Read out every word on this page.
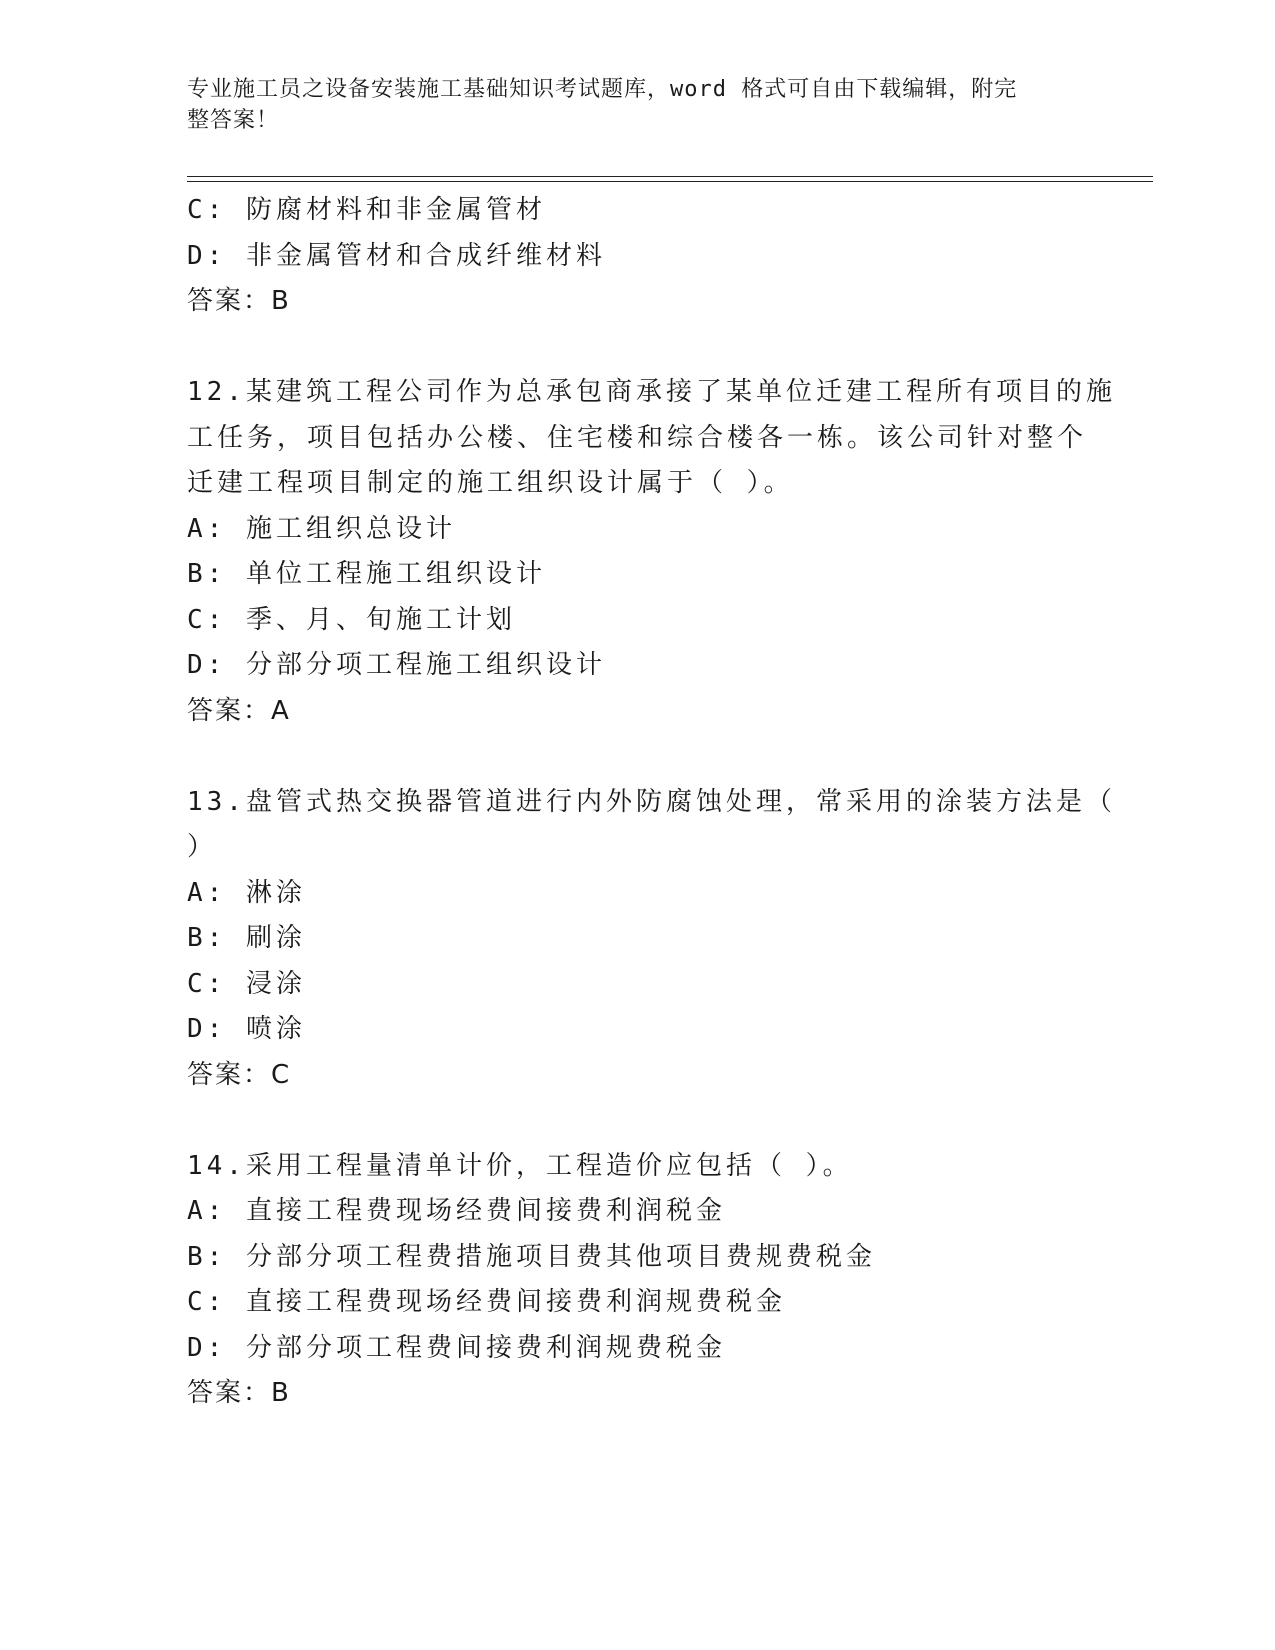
专业施工员之设备安装施工基础知识考试题库，word 格式可自由下载编辑，附完
整答案！
C: 防腐材料和非金属管材
D: 非金属管材和合成纤维材料
答案：B
12.某建筑工程公司作为总承包商承接了某单位迁建工程所有项目的施
工任务，项目包括办公楼、住宅楼和综合楼各一栋。该公司针对整个
迁建工程项目制定的施工组织设计属于（ ）。
A: 施工组织总设计
B: 单位工程施工组织设计
C: 季、月、旬施工计划
D: 分部分项工程施工组织设计
答案：A
13.盘管式热交换器管道进行内外防腐蚀处理，常采用的涂装方法是（
）
A: 淋涂
B: 刷涂
C: 浸涂
D: 喷涂
答案：C
14.采用工程量清单计价，工程造价应包括（ ）。
A: 直接工程费现场经费间接费利润税金
B: 分部分项工程费措施项目费其他项目费规费税金
C: 直接工程费现场经费间接费利润规费税金
D: 分部分项工程费间接费利润规费税金
答案：B
